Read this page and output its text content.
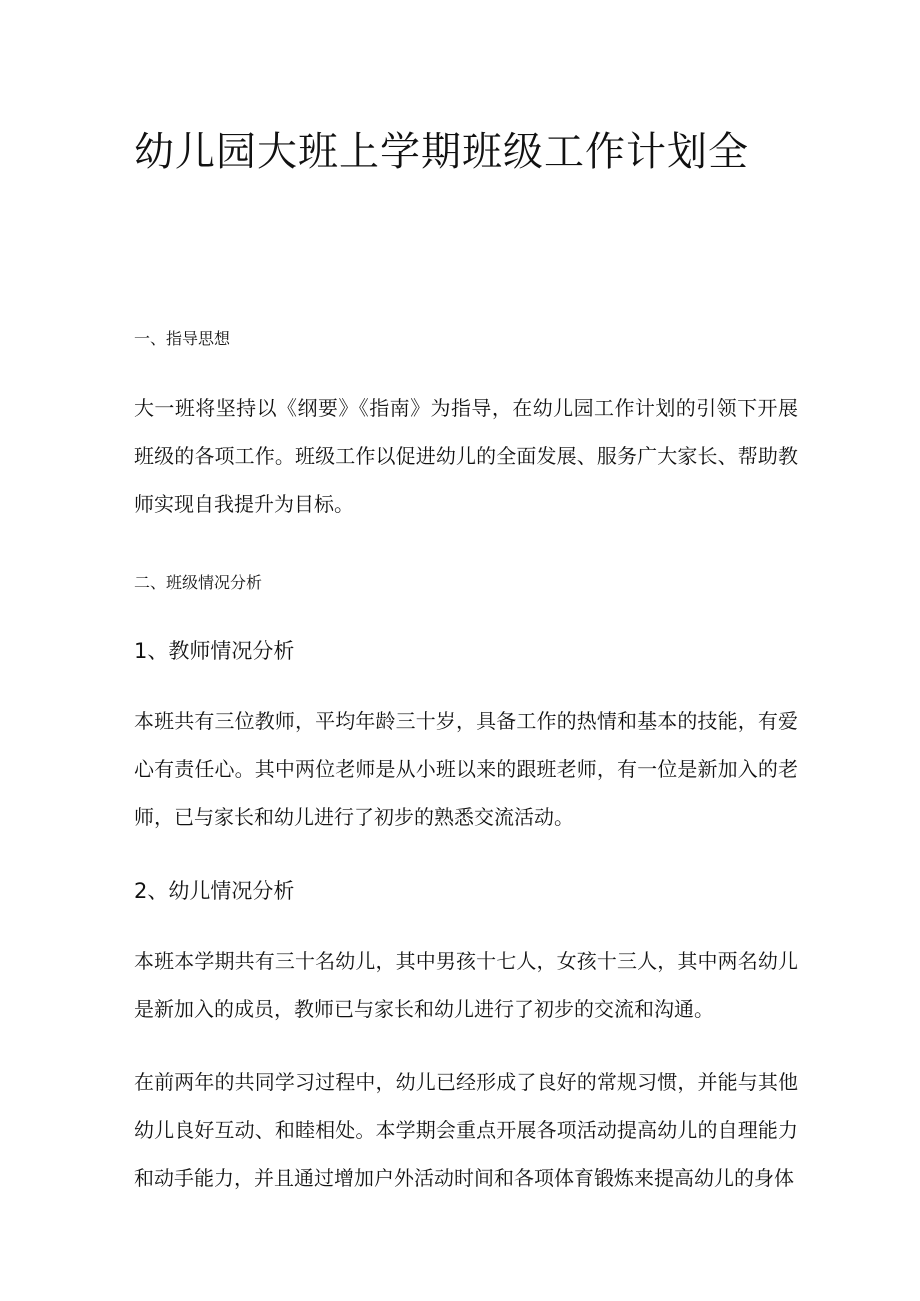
幼儿园大班上学期班级工作计划全

一、指导思想

大一班将坚持以《纲要》《指南》为指导，在幼儿园工作计划的引领下开展班级的各项工作。班级工作以促进幼儿的全面发展、服务广大家长、帮助教师实现自我提升为目标。

二、班级情况分析

1、教师情况分析

本班共有三位教师，平均年龄三十岁，具备工作的热情和基本的技能，有爱心有责任心。其中两位老师是从小班以来的跟班老师，有一位是新加入的老师，已与家长和幼儿进行了初步的熟悉交流活动。

2、幼儿情况分析

本班本学期共有三十名幼儿，其中男孩十七人，女孩十三人，其中两名幼儿是新加入的成员，教师已与家长和幼儿进行了初步的交流和沟通。

在前两年的共同学习过程中，幼儿已经形成了良好的常规习惯，并能与其他幼儿良好互动、和睦相处。本学期会重点开展各项活动提高幼儿的自理能力和动手能力，并且通过增加户外活动时间和各项体育锻炼来提高幼儿的身体
